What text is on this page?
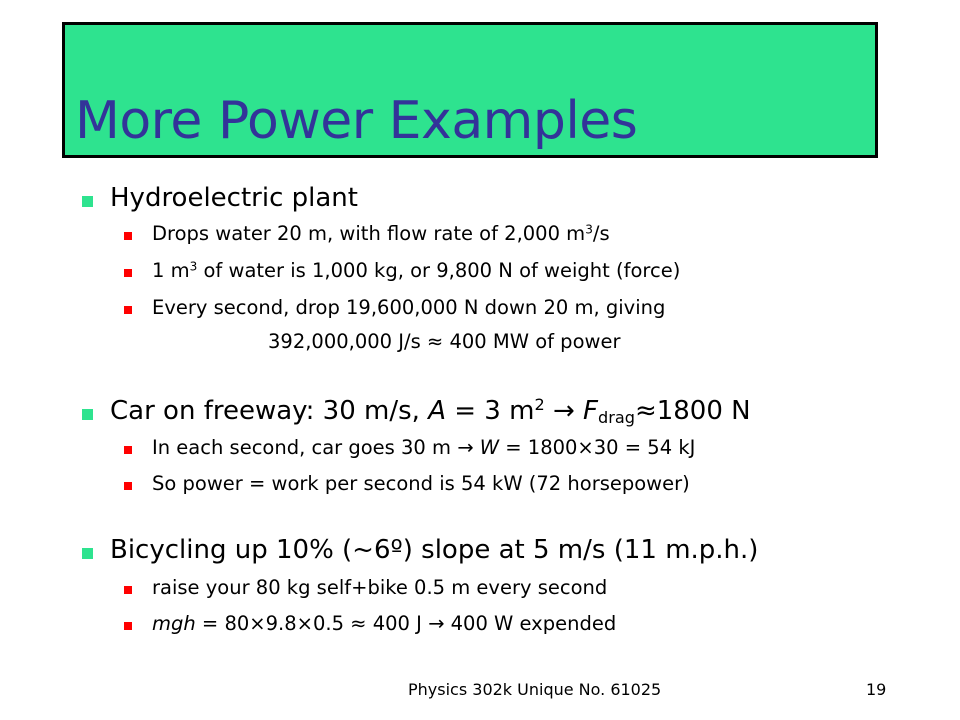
More Power Examples
Hydroelectric plant
Drops water 20 m, with flow rate of 2,000 $m^3/s$
1 $m^3$ of water is 1,000 kg, or 9,800 N of weight (force)
Every second, drop 19,600,000 N down 20 m, giving
392,000,000 J/s ≈ 400 MW of power
Car on freeway: 30 m/s, A = 3 $m^2 \to F_{drag}\approx 1800$ N
In each second, car goes 30 m → W = 1800×30 = 54 kJ
So power = work per second is 54 kW (72 horsepower)
Bicycling up 10% (~6º) slope at 5 m/s (11 m.p.h.)
raise your 80 kg self+bike 0.5 m every second
mgh = 80×9.8×0.5 ≈ 400 J → 400 W expended
Physics 302k Unique No. 61025	19
